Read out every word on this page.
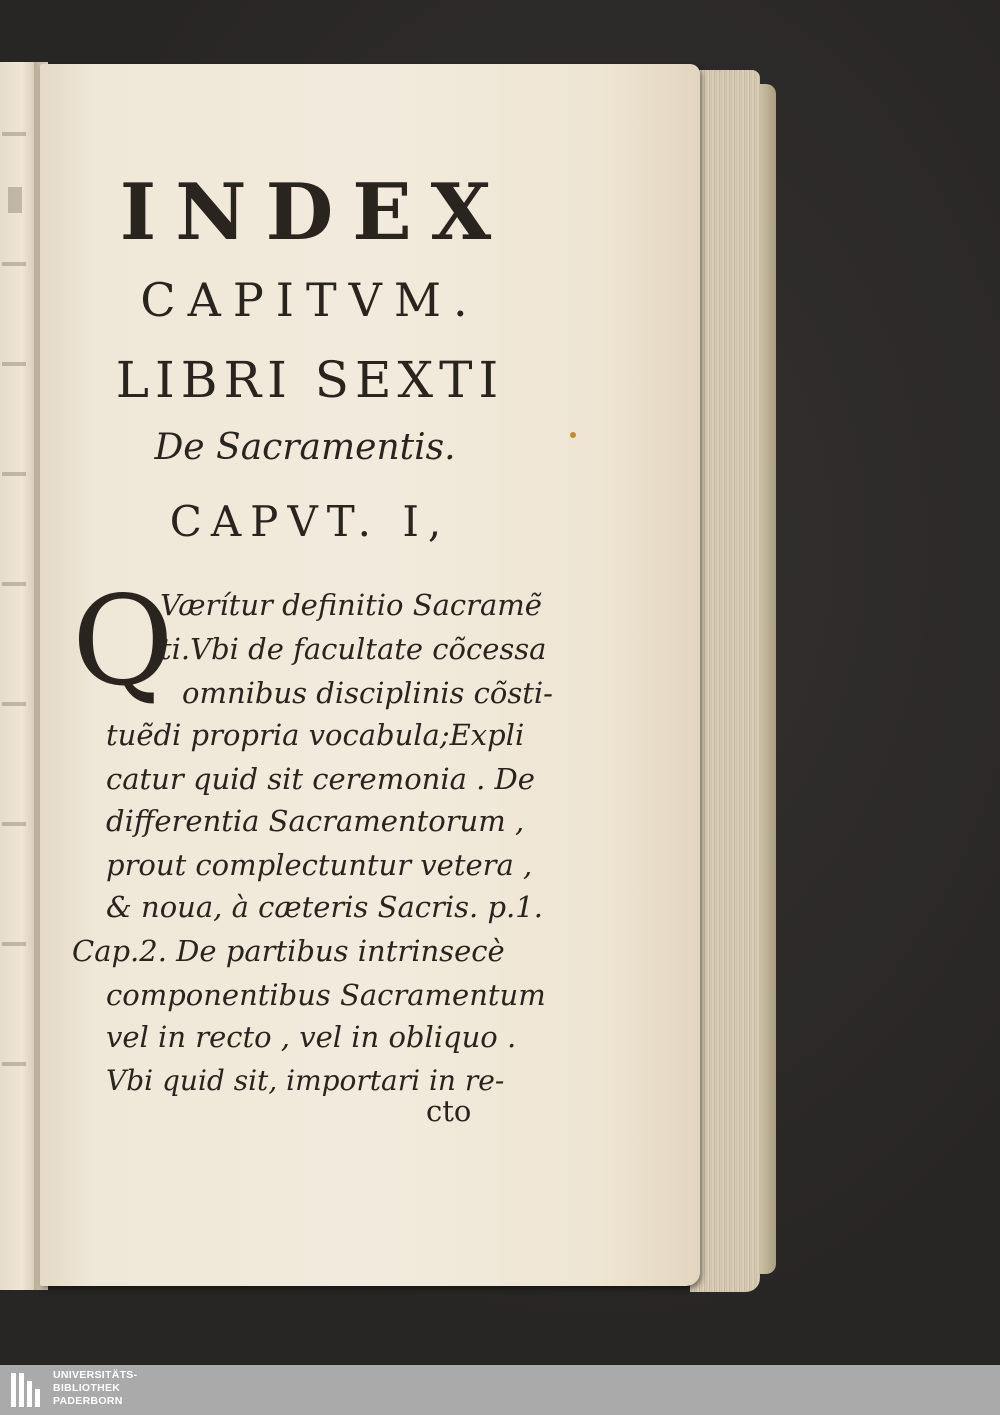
INDEX
CAPITVM.
LIBRI SEXTI
De Sacramentis.
CAPVT. I,
Q
Værítur definitio Sacramẽ
ti.Vbi de facultate cõcessa
omnibus disciplinis cõsti-
tuẽdi propria vocabula;Expli
catur quid sit ceremonia . De
differentia Sacramentorum ,
prout complectuntur vetera ,
& noua, à cæteris Sacris. p.1.
Cap.2. De partibus intrinsecè
componentibus Sacramentum
vel in recto , vel in obliquo .
Vbi quid sit, importari in re-
cto
UNIVERSITÄTS-
BIBLIOTHEK
PADERBORN
